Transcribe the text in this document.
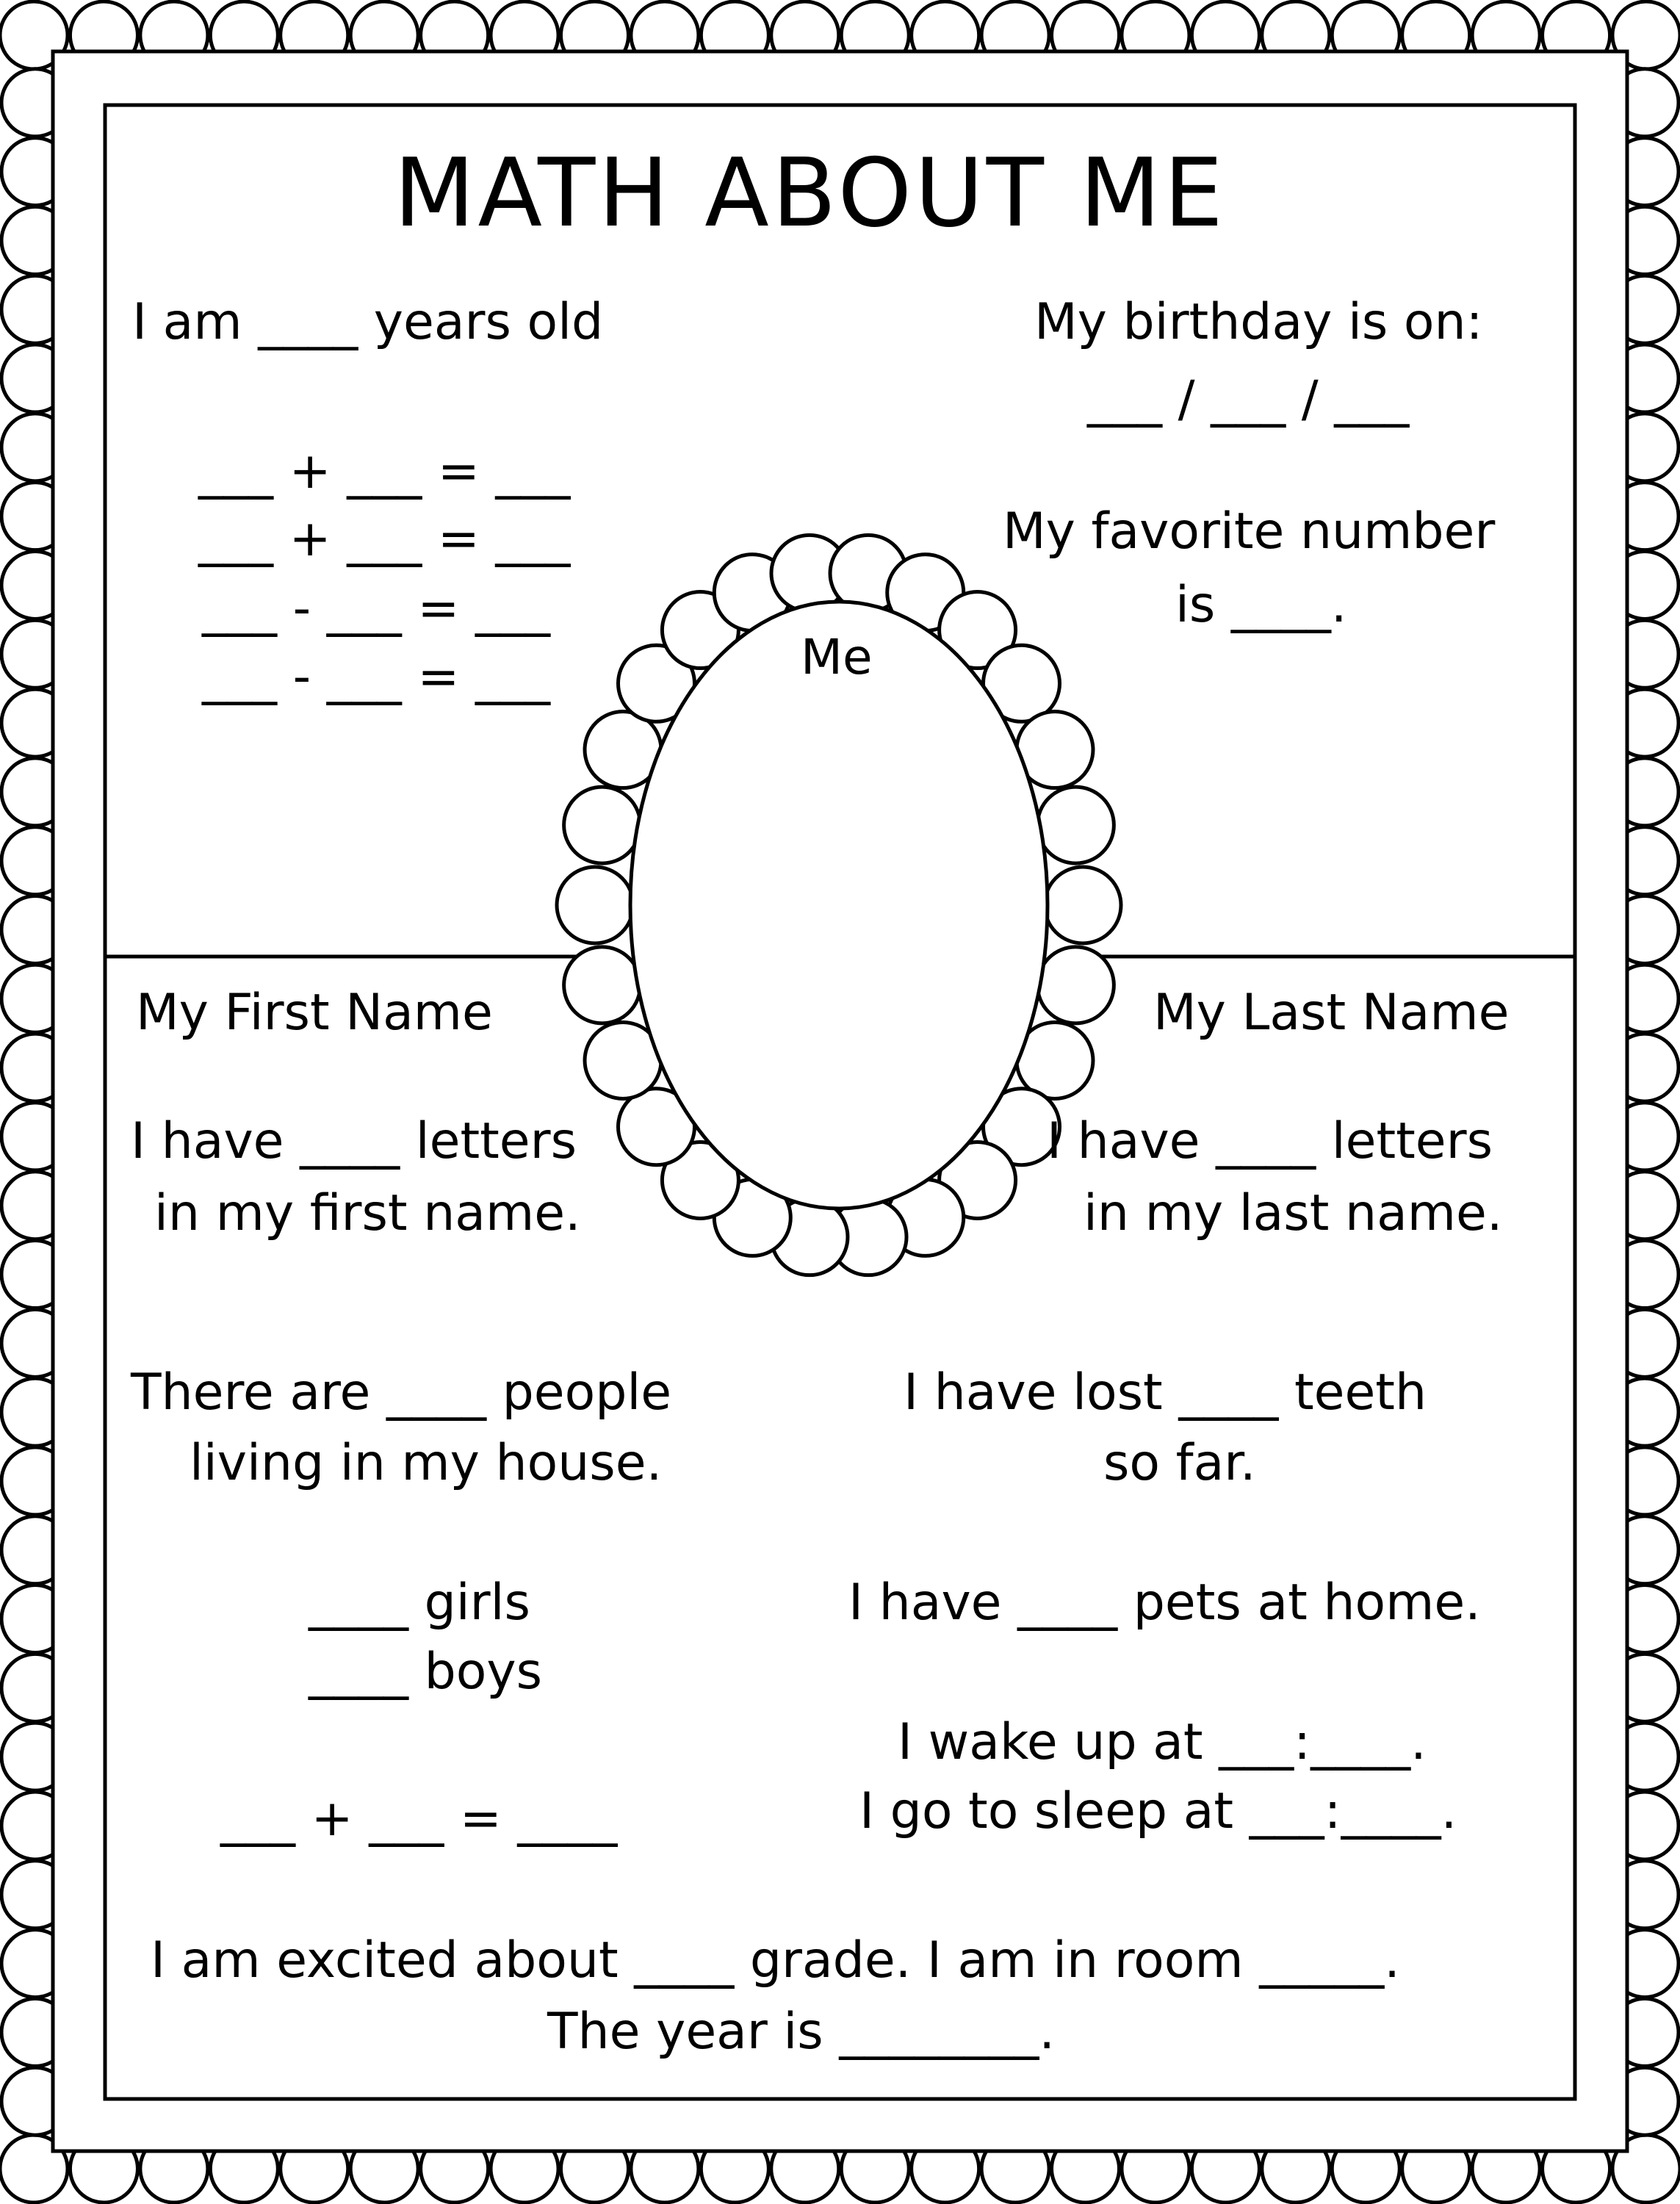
MATH ABOUT ME
I am ____ years old	My birthday is on:
___ / ___ / ___
___ + ___ = ___
___ + ___ = ___
___ - ___ = ___
___ - ___ = ___
My favorite number
is ____.
Me
My First Name	My Last Name
I have ____ letters
in my first name.
I have ____ letters
in my last name.
There are ____ people
living in my house.
I have lost ____ teeth
so far.
____ girls
____ boys
I have ____ pets at home.
I wake up at ___:____.
I go to sleep at ___:____.
___ + ___ = ____
I am excited about ____ grade. I am in room _____.
The year is ________.
